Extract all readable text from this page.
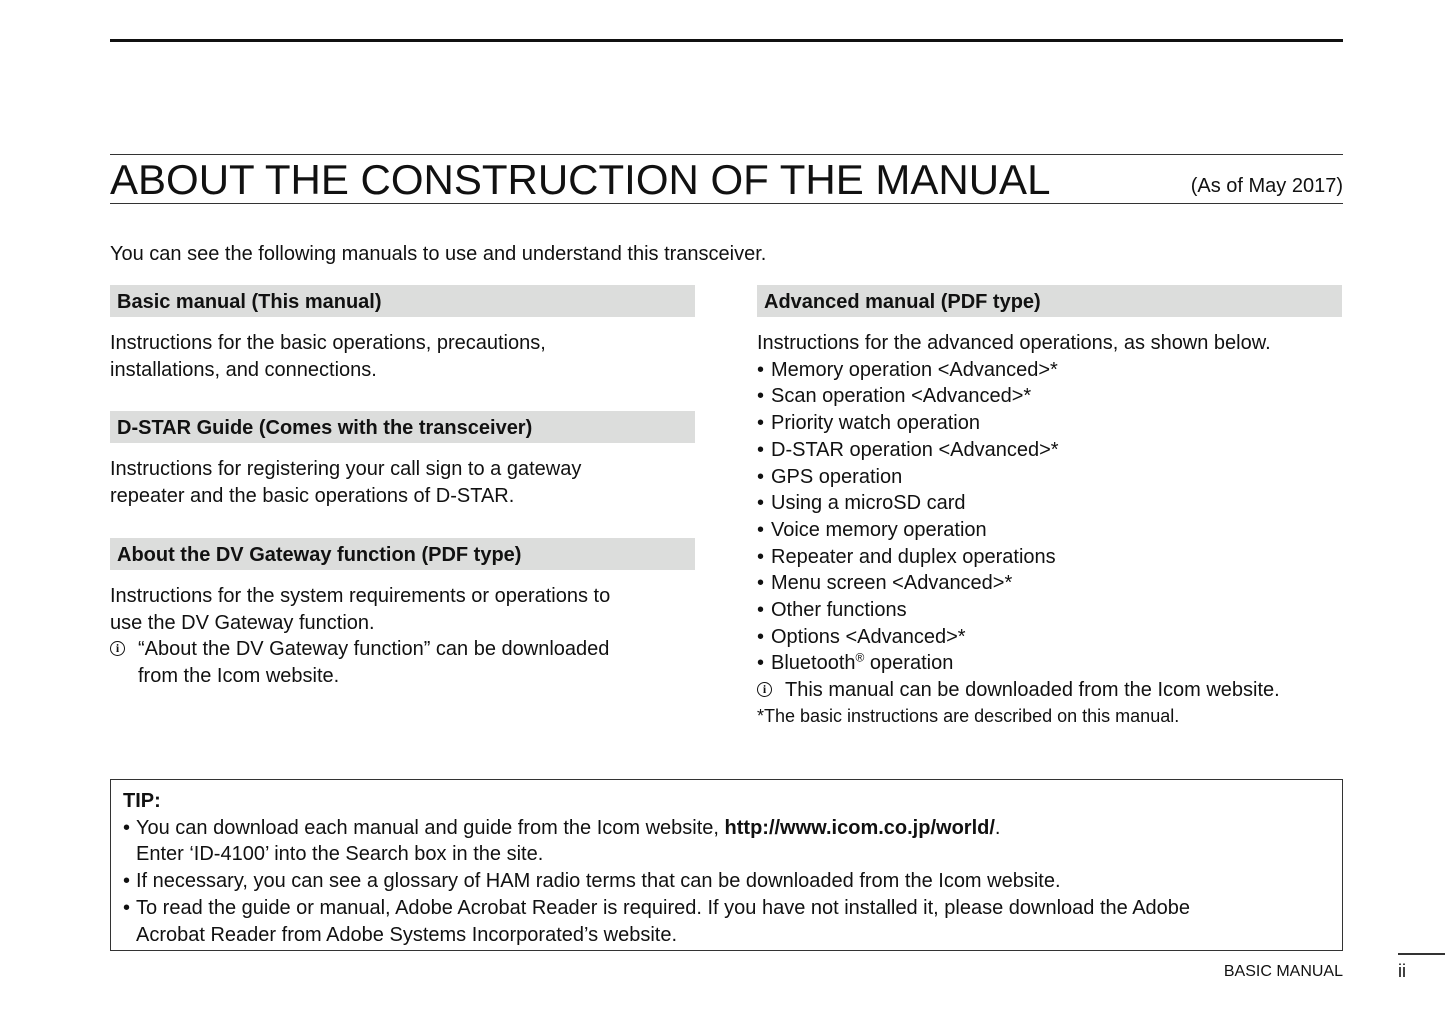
ABOUT THE CONSTRUCTION OF THE MANUAL	(As of May 2017)
You can see the following manuals to use and understand this transceiver.
Basic manual (This manual)

Instructions for the basic operations, precautions,

installations, and connections.

D-STAR Guide (Comes with the transceiver)

Instructions for registering your call sign to a gateway

repeater and the basic operations of D-STAR.

About the DV Gateway function (PDF type)

Instructions for the system requirements or operations to

use the DV Gateway function.

i “About the DV Gateway function” can be downloaded

from the Icom website.

Advanced manual (PDF type)

Instructions for the advanced operations, as shown below.

• Memory operation <Advanced>*
• Scan operation <Advanced>*
• Priority watch operation
• D-STAR operation <Advanced>*
• GPS operation
• Using a microSD card
• Voice memory operation
• Repeater and duplex operations
• Menu screen <Advanced>*
• Other functions
• Options <Advanced>*
• Bluetooth® operation
i This manual can be downloaded from the Icom website.

*The basic instructions are described on this manual.
TIP:
• You can download each manual and guide from the Icom website, http://www.icom.co.jp/world/.
Enter ‘ID-4100’ into the Search box in the site.
• If necessary, you can see a glossary of HAM radio terms that can be downloaded from the Icom website.
• To read the guide or manual, Adobe Acrobat Reader is required. If you have not installed it, please download the Adobe
Acrobat Reader from Adobe Systems Incorporated’s website.
BASIC MANUAL	ii
